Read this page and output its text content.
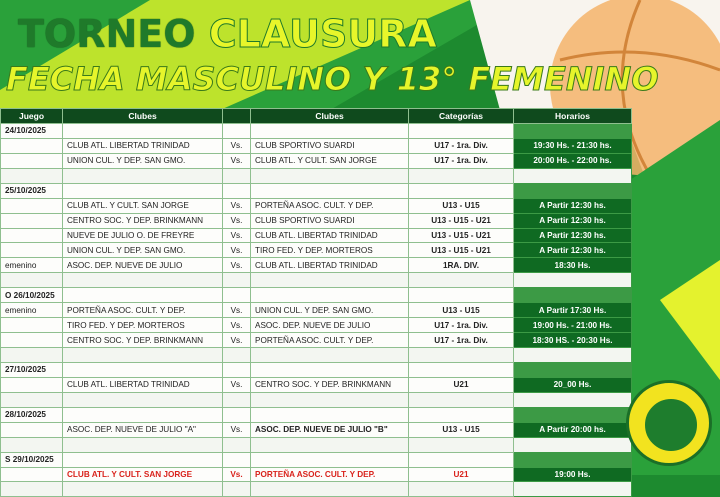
TORNEO CLAUSURA
FECHA MASCULINO Y 13° FEMENINO
Juego	Clubes		Clubes	Categorías	Horarios
24/10/2025					
	CLUB ATL. LIBERTAD TRINIDAD	Vs.	CLUB SPORTIVO SUARDI	U17 - 1ra. Div.	19:30 Hs. - 21:30 hs.
	UNION CUL. Y DEP. SAN GMO.	Vs.	CLUB ATL. Y CULT. SAN JORGE	U17 - 1ra. Div.	20:00 Hs. - 22:00 hs.

25/10/2025					
	CLUB ATL. Y CULT. SAN JORGE	Vs.	PORTEÑA ASOC. CULT. Y DEP.	U13 - U15	A Partir 12:30 hs.
	CENTRO SOC. Y DEP. BRINKMANN	Vs.	CLUB SPORTIVO SUARDI	U13 - U15 - U21	A Partir 12:30 hs.
	NUEVE DE JULIO O. DE FREYRE	Vs.	CLUB ATL. LIBERTAD TRINIDAD	U13 - U15 - U21	A Partir 12:30 hs.
	UNION CUL. Y DEP. SAN GMO.	Vs.	TIRO FED. Y DEP. MORTEROS	U13 - U15 - U21	A Partir 12:30 hs.
emenino	ASOC. DEP. NUEVE DE JULIO	Vs.	CLUB ATL. LIBERTAD TRINIDAD	1RA. DIV.	18:30 Hs.

O 26/10/2025					
emenino	PORTEÑA ASOC. CULT. Y DEP.	Vs.	UNION CUL. Y DEP. SAN GMO.	U13 - U15	A Partir 17:30 Hs.
	TIRO FED. Y DEP. MORTEROS	Vs.	ASOC. DEP. NUEVE DE JULIO	U17 - 1ra. Div.	19:00 Hs. - 21:00 Hs.
	CENTRO SOC. Y DEP. BRINKMANN	Vs.	PORTEÑA ASOC. CULT. Y DEP.	U17 - 1ra. Div.	18:30 HS. - 20:30 Hs.

27/10/2025					
	CLUB ATL. LIBERTAD TRINIDAD	Vs.	CENTRO SOC. Y DEP. BRINKMANN	U21	20_00 Hs.

28/10/2025					
	ASOC. DEP. NUEVE DE JULIO "A"	Vs.	ASOC. DEP. NUEVE DE JULIO "B"	U13 - U15	A Partir 20:00 hs.

S 29/10/2025					
	CLUB ATL. Y CULT. SAN JORGE	Vs.	PORTEÑA ASOC. CULT. Y DEP.	U21	19:00 Hs.
